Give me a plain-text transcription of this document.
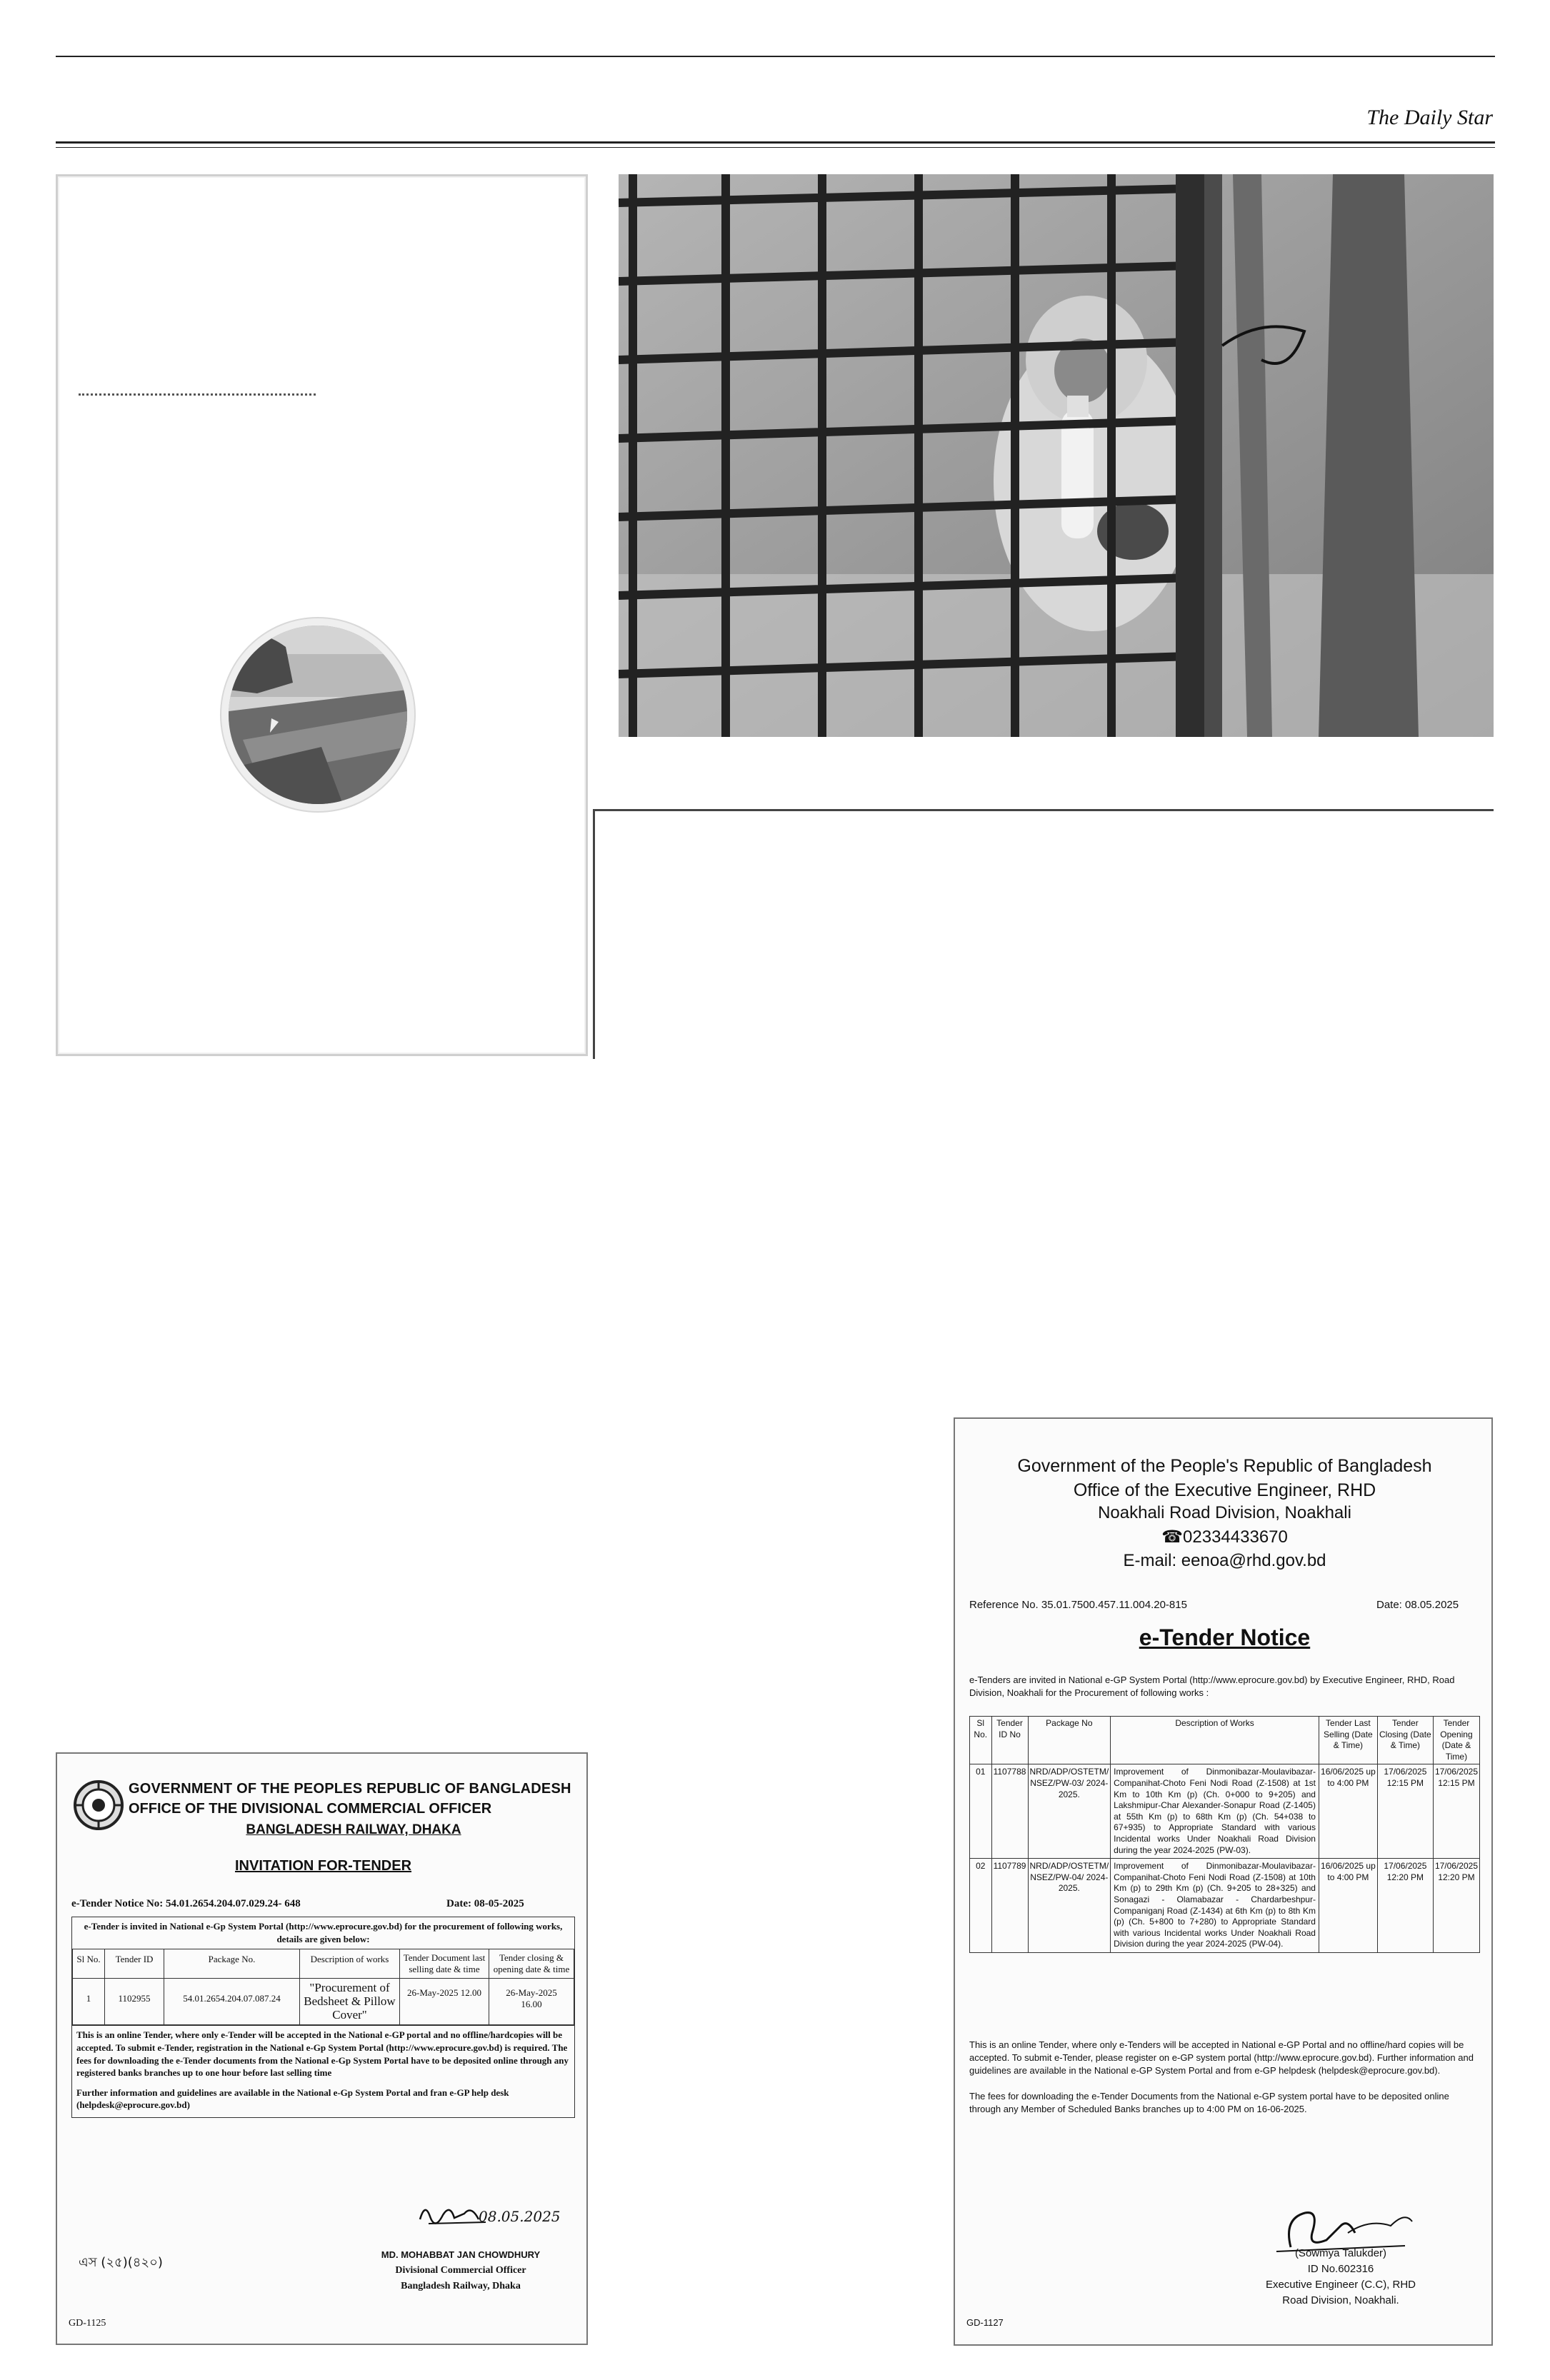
The Daily Star
GOVERNMENT OF THE PEOPLES REPUBLIC OF BANGLADESH
OFFICE OF THE DIVISIONAL COMMERCIAL OFFICER
BANGLADESH RAILWAY, DHAKA
INVITATION FOR-TENDER
e-Tender Notice No: 54.01.2654.204.07.029.24- 648	Date: 08-05-2025
e-Tender is invited in National e-Gp System Portal (http://www.eprocure.gov.bd) for the procurement of following works, details are given below:
Sl No.	Tender ID	Package No.	Description of works	Tender Document last selling date & time	Tender closing & opening date & time
1	1102955	54.01.2654.204.07.087.24	"Procurement of Bedsheet & Pillow Cover"	26-May-2025 12.00	26-May-2025 16.00
This is an online Tender, where only e-Tender will be accepted in the National e-GP portal and no offline/hardcopies will be accepted. To submit e-Tender, registration in the National e-Gp System Portal (http://www.eprocure.gov.bd) is required. The fees for downloading the e-Tender documents from the National e-Gp System Portal have to be deposited online through any registered banks branches up to one hour before last selling time
Further information and guidelines are available in the National e-Gp System Portal and fran e-GP help desk (helpdesk@eprocure.gov.bd)
08.05.2025
এস (২৫)(৪২০)
MD. MOHABBAT JAN CHOWDHURY
Divisional Commercial Officer
Bangladesh Railway, Dhaka
GD-1125
Government of the People's Republic of Bangladesh
Office of the Executive Engineer, RHD
Noakhali Road Division, Noakhali
☎02334433670
E-mail: eenoa@rhd.gov.bd
Reference No. 35.01.7500.457.11.004.20-815	Date: 08.05.2025
e-Tender Notice
e-Tenders are invited in National e-GP System Portal (http://www.eprocure.gov.bd) by Executive Engineer, RHD, Road Division, Noakhali for the Procurement of following works :
Sl No.	Tender ID No	Package No	Description of Works	Tender Last Selling (Date & Time)	Tender Closing (Date & Time)	Tender Opening (Date & Time)
01	1107788	NRD/ADP/OSTETM/ NSEZ/PW-03/ 2024-2025.	Improvement of Dinmonibazar-Moulavibazar-Companihat-Choto Feni Nodi Road (Z-1508) at 1st Km to 10th Km (p) (Ch. 0+000 to 9+205) and Lakshmipur-Char Alexander-Sonapur Road (Z-1405) at 55th Km (p) to 68th Km (p) (Ch. 54+038 to 67+935) to Appropriate Standard with various Incidental works Under Noakhali Road Division during the year 2024-2025 (PW-03).	16/06/2025 up to 4:00 PM	17/06/2025 12:15 PM	17/06/2025 12:15 PM
02	1107789	NRD/ADP/OSTETM/ NSEZ/PW-04/ 2024-2025.	Improvement of Dinmonibazar-Moulavibazar-Companihat-Choto Feni Nodi Road (Z-1508) at 10th Km (p) to 29th Km (p) (Ch. 9+205 to 28+325) and Sonagazi - Olamabazar - Chardarbeshpur-Companiganj Road (Z-1434) at 6th Km (p) to 8th Km (p) (Ch. 5+800 to 7+280) to Appropriate Standard with various Incidental works Under Noakhali Road Division during the year 2024-2025 (PW-04).	16/06/2025 up to 4:00 PM	17/06/2025 12:20 PM	17/06/2025 12:20 PM
This is an online Tender, where only e-Tenders will be accepted in National e-GP Portal and no offline/hard copies will be accepted. To submit e-Tender, please register on e-GP system portal (http://www.eprocure.gov.bd). Further information and guidelines are available in the National e-GP System Portal and from e-GP helpdesk (helpdesk@eprocure.gov.bd).
The fees for downloading the e-Tender Documents from the National e-GP system portal have to be deposited online through any Member of Scheduled Banks branches up to 4:00 PM on 16-06-2025.
(Sowmya Talukder)
ID No.602316
Executive Engineer (C.C), RHD
Road Division, Noakhali.
GD-1127
